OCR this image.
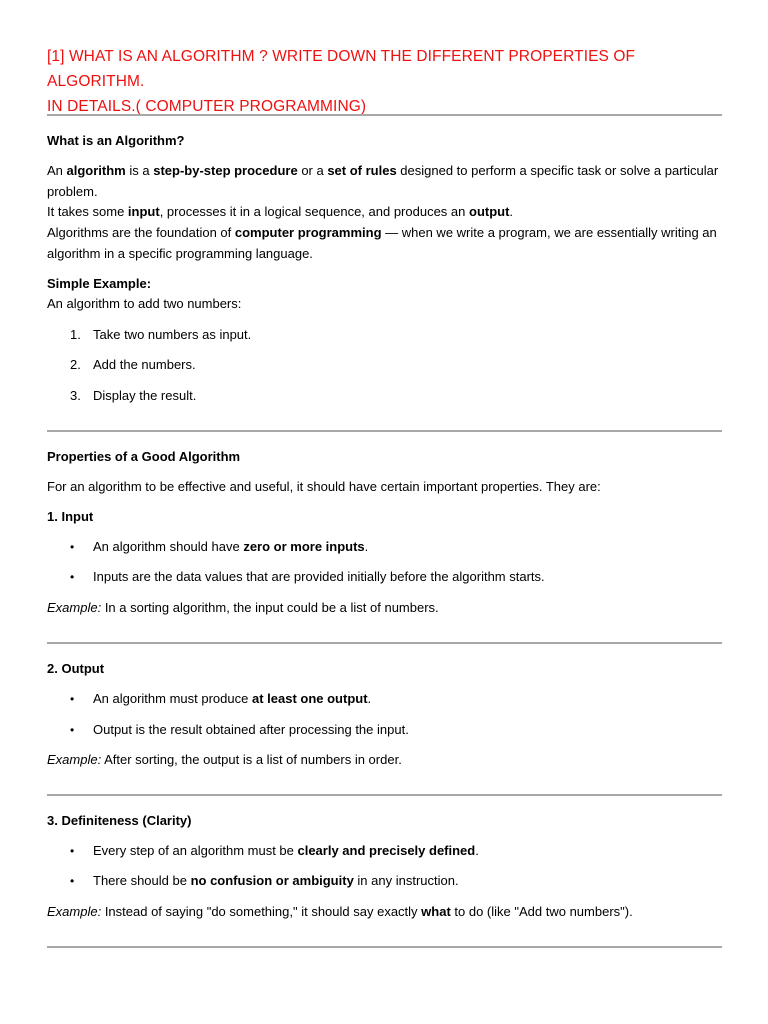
[1] WHAT IS AN ALGORITHM ? WRITE DOWN THE DIFFERENT PROPERTIES OF ALGORITHM.
IN DETAILS.( COMPUTER PROGRAMMING)
What is an Algorithm?

An algorithm is a step-by-step procedure or a set of rules designed to perform a specific task or solve a particular problem.

It takes some input, processes it in a logical sequence, and produces an output.

Algorithms are the foundation of computer programming — when we write a program, we are essentially writing an algorithm in a specific programming language.

Simple Example:

An algorithm to add two numbers:

1. Take two numbers as input.

2. Add the numbers.

3. Display the result.

Properties of a Good Algorithm

For an algorithm to be effective and useful, it should have certain important properties. They are:

1. Input

• An algorithm should have zero or more inputs.

• Inputs are the data values that are provided initially before the algorithm starts.

Example: In a sorting algorithm, the input could be a list of numbers.

2. Output

• An algorithm must produce at least one output.

• Output is the result obtained after processing the input.

Example: After sorting, the output is a list of numbers in order.

3. Definiteness (Clarity)

• Every step of an algorithm must be clearly and precisely defined.

• There should be no confusion or ambiguity in any instruction.

Example: Instead of saying "do something," it should say exactly what to do (like "Add two numbers").
